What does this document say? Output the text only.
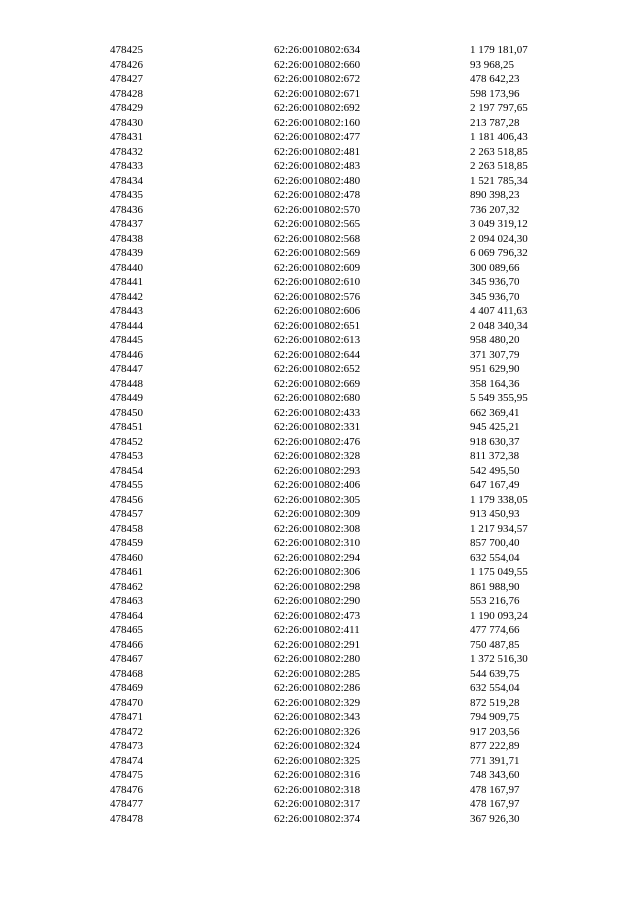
478425	62:26:0010802:634	1 179 181,07
478426	62:26:0010802:660	93 968,25
478427	62:26:0010802:672	478 642,23
478428	62:26:0010802:671	598 173,96
478429	62:26:0010802:692	2 197 797,65
478430	62:26:0010802:160	213 787,28
478431	62:26:0010802:477	1 181 406,43
478432	62:26:0010802:481	2 263 518,85
478433	62:26:0010802:483	2 263 518,85
478434	62:26:0010802:480	1 521 785,34
478435	62:26:0010802:478	890 398,23
478436	62:26:0010802:570	736 207,32
478437	62:26:0010802:565	3 049 319,12
478438	62:26:0010802:568	2 094 024,30
478439	62:26:0010802:569	6 069 796,32
478440	62:26:0010802:609	300 089,66
478441	62:26:0010802:610	345 936,70
478442	62:26:0010802:576	345 936,70
478443	62:26:0010802:606	4 407 411,63
478444	62:26:0010802:651	2 048 340,34
478445	62:26:0010802:613	958 480,20
478446	62:26:0010802:644	371 307,79
478447	62:26:0010802:652	951 629,90
478448	62:26:0010802:669	358 164,36
478449	62:26:0010802:680	5 549 355,95
478450	62:26:0010802:433	662 369,41
478451	62:26:0010802:331	945 425,21
478452	62:26:0010802:476	918 630,37
478453	62:26:0010802:328	811 372,38
478454	62:26:0010802:293	542 495,50
478455	62:26:0010802:406	647 167,49
478456	62:26:0010802:305	1 179 338,05
478457	62:26:0010802:309	913 450,93
478458	62:26:0010802:308	1 217 934,57
478459	62:26:0010802:310	857 700,40
478460	62:26:0010802:294	632 554,04
478461	62:26:0010802:306	1 175 049,55
478462	62:26:0010802:298	861 988,90
478463	62:26:0010802:290	553 216,76
478464	62:26:0010802:473	1 190 093,24
478465	62:26:0010802:411	477 774,66
478466	62:26:0010802:291	750 487,85
478467	62:26:0010802:280	1 372 516,30
478468	62:26:0010802:285	544 639,75
478469	62:26:0010802:286	632 554,04
478470	62:26:0010802:329	872 519,28
478471	62:26:0010802:343	794 909,75
478472	62:26:0010802:326	917 203,56
478473	62:26:0010802:324	877 222,89
478474	62:26:0010802:325	771 391,71
478475	62:26:0010802:316	748 343,60
478476	62:26:0010802:318	478 167,97
478477	62:26:0010802:317	478 167,97
478478	62:26:0010802:374	367 926,30
